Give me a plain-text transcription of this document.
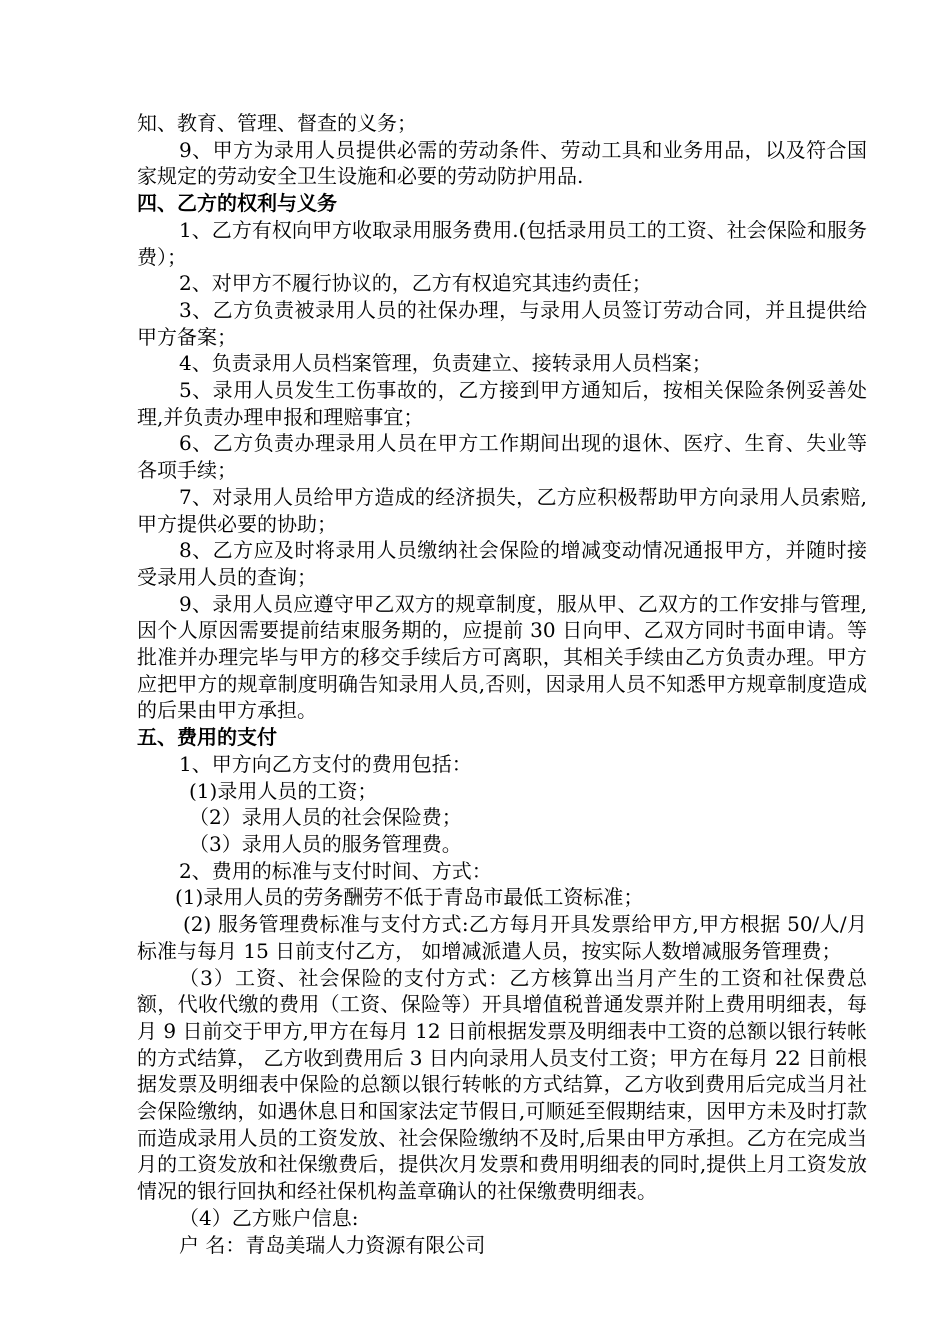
知、教育、管理、督查的义务；

9、甲方为录用人员提供必需的劳动条件、劳动工具和业务用品，以及符合国家规定的劳动安全卫生设施和必要的劳动防护用品.

四、乙方的权利与义务

1、乙方有权向甲方收取录用服务费用.(包括录用员工的工资、社会保险和服务费）；

2、对甲方不履行协议的，乙方有权追究其违约责任；

3、乙方负责被录用人员的社保办理，与录用人员签订劳动合同，并且提供给甲方备案；

4、负责录用人员档案管理，负责建立、接转录用人员档案；

5、录用人员发生工伤事故的，乙方接到甲方通知后，按相关保险条例妥善处理,并负责办理申报和理赔事宜；

6、乙方负责办理录用人员在甲方工作期间出现的退休、医疗、生育、失业等各项手续；

7、对录用人员给甲方造成的经济损失，乙方应积极帮助甲方向录用人员索赔,甲方提供必要的协助；

8、乙方应及时将录用人员缴纳社会保险的增减变动情况通报甲方，并随时接受录用人员的查询；

9、录用人员应遵守甲乙双方的规章制度，服从甲、乙双方的工作安排与管理,因个人原因需要提前结束服务期的，应提前 30 日向甲、乙双方同时书面申请。等批准并办理完毕与甲方的移交手续后方可离职，其相关手续由乙方负责办理。甲方应把甲方的规章制度明确告知录用人员,否则，因录用人员不知悉甲方规章制度造成的后果由甲方承担。

五、费用的支付

1、甲方向乙方支付的费用包括：

(1)录用人员的工资；

（2）录用人员的社会保险费；

（3）录用人员的服务管理费。

2、费用的标准与支付时间、方式：

(1)录用人员的劳务酬劳不低于青岛市最低工资标准；

(2) 服务管理费标准与支付方式:乙方每月开具发票给甲方,甲方根据 50/人/月标准与每月 15 日前支付乙方， 如增减派遣人员，按实际人数增减服务管理费；

（3）工资、社会保险的支付方式：乙方核算出当月产生的工资和社保费总额，代收代缴的费用（工资、保险等）开具增值税普通发票并附上费用明细表，每月 9 日前交于甲方,甲方在每月 12 日前根据发票及明细表中工资的总额以银行转帐的方式结算， 乙方收到费用后 3 日内向录用人员支付工资；甲方在每月 22 日前根据发票及明细表中保险的总额以银行转帐的方式结算，乙方收到费用后完成当月社会保险缴纳，如遇休息日和国家法定节假日,可顺延至假期结束，因甲方未及时打款而造成录用人员的工资发放、社会保险缴纳不及时,后果由甲方承担。乙方在完成当月的工资发放和社保缴费后，提供次月发票和费用明细表的同时,提供上月工资发放情况的银行回执和经社保机构盖章确认的社保缴费明细表。

（4）乙方账户信息:

户 名：青岛美瑞人力资源有限公司
